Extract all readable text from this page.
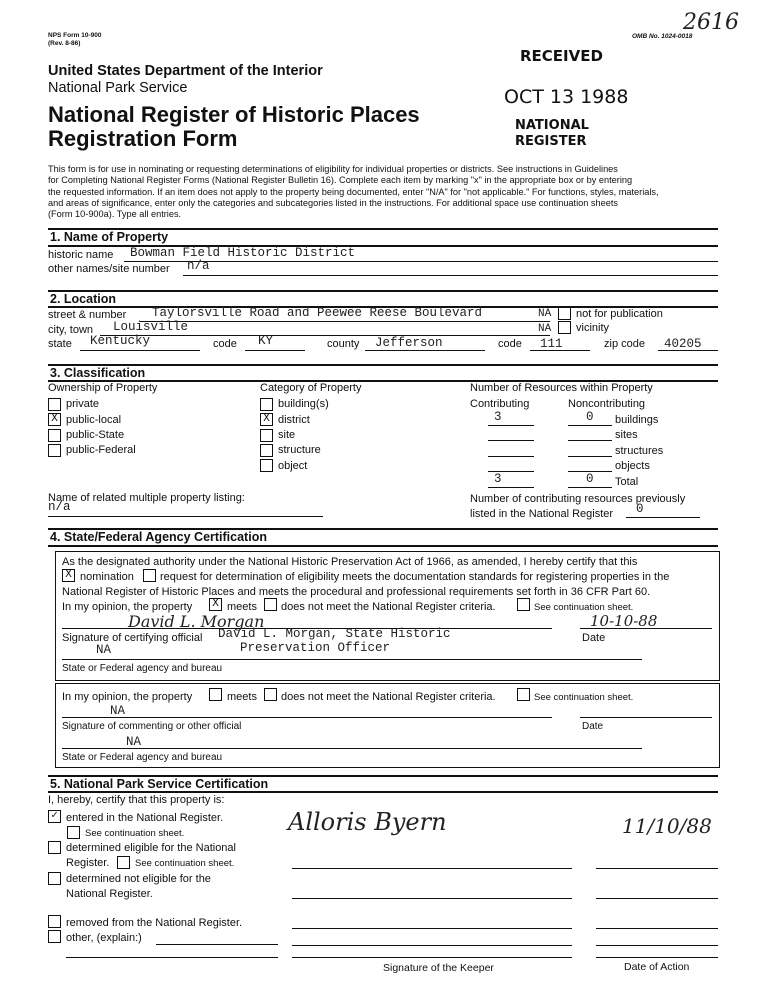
NPS Form 10-900
(Rev. 8-86)
OMB No. 1024-0018
2616
RECEIVED
OCT 13 1988
NATIONAL
REGISTER
United States Department of the Interior
National Park Service
National Register of Historic Places
Registration Form
This form is for use in nominating or requesting determinations of eligibility for individual properties or districts. See instructions in Guidelines
for Completing National Register Forms (National Register Bulletin 16). Complete each item by marking "x" in the appropriate box or by entering
the requested information. If an item does not apply to the property being documented, enter "N/A" for "not applicable." For functions, styles, materials,
and areas of significance, enter only the categories and subcategories listed in the instructions. For additional space use continuation sheets
(Form 10-900a). Type all entries.
1. Name of Property
historic name Bowman Field Historic District
other names/site number n/a
2. Location
street & number Taylorsville Road and Peewee Reese Boulevard	NA not for publication
city, town Louisville	NA vicinity
state Kentucky	code KY	county Jefferson	code 111	zip code 40205
3. Classification
Ownership of Property
private
X public-local
public-State
public-Federal
Category of Property
building(s)
X district
site
structure
object
Number of Resources within Property
Contributing	Noncontributing
3	0 buildings
sites
structures
objects
3	0 Total
Name of related multiple property listing:
n/a
Number of contributing resources previously
listed in the National Register	0
4. State/Federal Agency Certification
As the designated authority under the National Historic Preservation Act of 1966, as amended, I hereby certify that this
X nomination request for determination of eligibility meets the documentation standards for registering properties in the
National Register of Historic Places and meets the procedural and professional requirements set forth in 36 CFR Part 60.
In my opinion, the property X meets does not meet the National Register criteria.	See continuation sheet.
David L. Morgan	10-10-88
Signature of certifying official David L. Morgan, State Historic
Preservation Officer
Date
NA
State or Federal agency and bureau
In my opinion, the property	meets does not meet the National Register criteria.	See continuation sheet.
NA
Signature of commenting or other official	Date
NA
State or Federal agency and bureau
5. National Park Service Certification
I, hereby, certify that this property is:
✓ entered in the National Register.
See continuation sheet.
determined eligible for the National
Register.	See continuation sheet.
determined not eligible for the
National Register.
removed from the National Register.
other, (explain:)
Alloris Byern	11/10/88
Signature of the Keeper	Date of Action
